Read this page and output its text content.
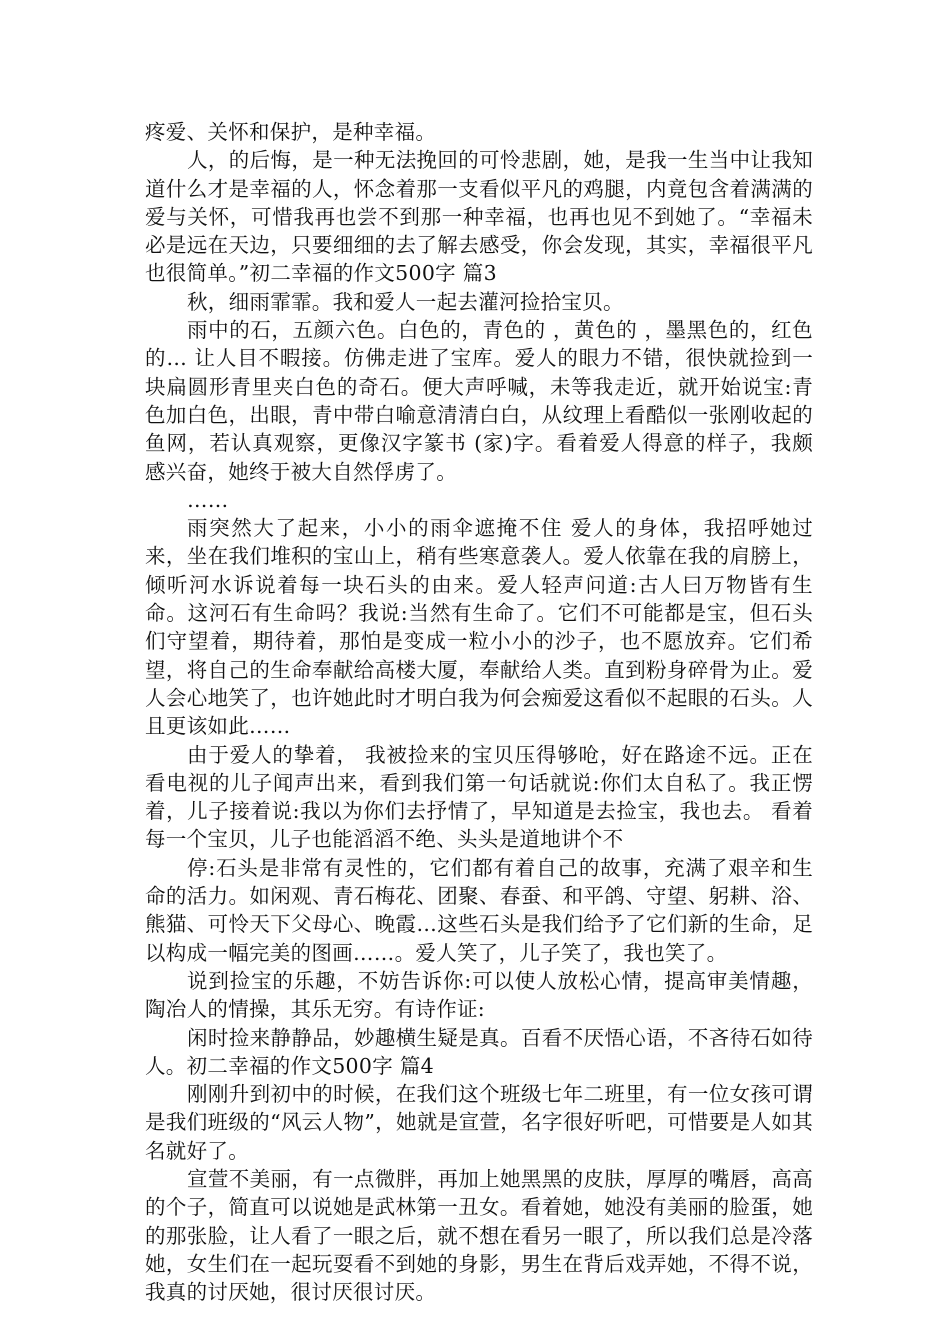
疼爱、关怀和保护，是种幸福。

人，的后悔，是一种无法挽回的可怜悲剧，她，是我一生当中让我知道什么才是幸福的人，怀念着那一支看似平凡的鸡腿，内竟包含着满满的爱与关怀，可惜我再也尝不到那一种幸福，也再也见不到她了。“幸福未必是远在天边，只要细细的去了解去感受，你会发现，其实，幸福很平凡也很简单。”初二幸福的作文500字 篇3

秋，细雨霏霏。我和爱人一起去灌河捡拾宝贝。

雨中的石，五颜六色。白色的，青色的 ，黄色的 ，墨黑色的，红色的… 让人目不暇接。仿佛走进了宝库。爱人的眼力不错，很快就捡到一块扁圆形青里夹白色的奇石。便大声呼喊，未等我走近，就开始说宝:青色加白色，出眼，青中带白喻意清清白白，从纹理上看酷似一张刚收起的鱼网，若认真观察，更像汉字篆书 (家)字。看着爱人得意的样子，我颇感兴奋，她终于被大自然俘虏了。

……

雨突然大了起来，小小的雨伞遮掩不住 爱人的身体，我招呼她过来，坐在我们堆积的宝山上，稍有些寒意袭人。爱人依靠在我的肩膀上，倾听河水诉说着每一块石头的由来。爱人轻声问道:古人曰万物皆有生命。这河石有生命吗？我说:当然有生命了。它们不可能都是宝，但石头们守望着，期待着，那怕是变成一粒小小的沙子，也不愿放弃。它们希望，将自己的生命奉献给高楼大厦，奉献给人类。直到粉身碎骨为止。爱人会心地笑了，也许她此时才明白我为何会痴爱这看似不起眼的石头。人且更该如此……

由于爱人的挚着， 我被捡来的宝贝压得够呛，好在路途不远。正在看电视的儿子闻声出来，看到我们第一句话就说:你们太自私了。我正愣着，儿子接着说:我以为你们去抒情了，早知道是去捡宝，我也去。 看着每一个宝贝，儿子也能滔滔不绝、头头是道地讲个不

停:石头是非常有灵性的，它们都有着自己的故事，充满了艰辛和生命的活力。如闲观、青石梅花、团聚、春蚕、和平鸽、守望、躬耕、浴、熊猫、可怜天下父母心、晚霞…这些石头是我们给予了它们新的生命，足以构成一幅完美的图画……。爱人笑了，儿子笑了，我也笑了。

说到捡宝的乐趣，不妨告诉你:可以使人放松心情，提高审美情趣，陶冶人的情操，其乐无穷。有诗作证:

闲时捡来静静品，妙趣横生疑是真。百看不厌悟心语，不吝待石如待人。初二幸福的作文500字 篇4

刚刚升到初中的时候，在我们这个班级七年二班里，有一位女孩可谓是我们班级的“风云人物”，她就是宣萱，名字很好听吧，可惜要是人如其名就好了。

宣萱不美丽，有一点微胖，再加上她黑黑的皮肤，厚厚的嘴唇，高高的个子，简直可以说她是武林第一丑女。看着她，她没有美丽的脸蛋，她的那张脸，让人看了一眼之后，就不想在看另一眼了，所以我们总是冷落她，女生们在一起玩耍看不到她的身影，男生在背后戏弄她，不得不说，我真的讨厌她，很讨厌很讨厌。
